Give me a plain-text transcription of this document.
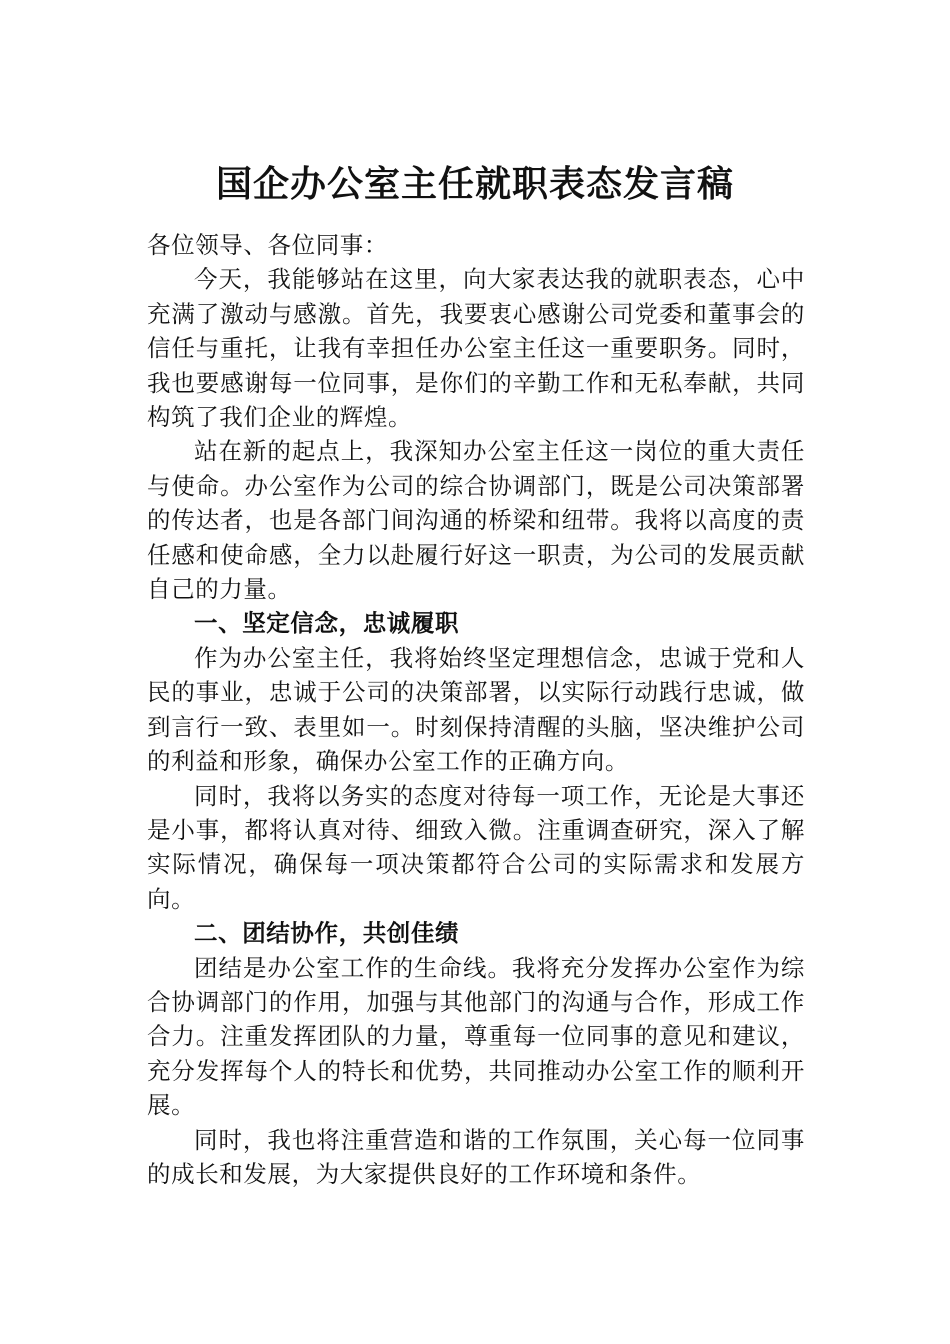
国企办公室主任就职表态发言稿

各位领导、各位同事：

今天，我能够站在这里，向大家表达我的就职表态，心中充满了激动与感激。首先，我要衷心感谢公司党委和董事会的信任与重托，让我有幸担任办公室主任这一重要职务。同时，我也要感谢每一位同事，是你们的辛勤工作和无私奉献，共同构筑了我们企业的辉煌。

站在新的起点上，我深知办公室主任这一岗位的重大责任与使命。办公室作为公司的综合协调部门，既是公司决策部署的传达者，也是各部门间沟通的桥梁和纽带。我将以高度的责任感和使命感，全力以赴履行好这一职责，为公司的发展贡献自己的力量。

一、坚定信念，忠诚履职

作为办公室主任，我将始终坚定理想信念，忠诚于党和人民的事业，忠诚于公司的决策部署，以实际行动践行忠诚，做到言行一致、表里如一。时刻保持清醒的头脑，坚决维护公司的利益和形象，确保办公室工作的正确方向。

同时，我将以务实的态度对待每一项工作，无论是大事还是小事，都将认真对待、细致入微。注重调查研究，深入了解实际情况，确保每一项决策都符合公司的实际需求和发展方向。

二、团结协作，共创佳绩

团结是办公室工作的生命线。我将充分发挥办公室作为综合协调部门的作用，加强与其他部门的沟通与合作，形成工作合力。注重发挥团队的力量，尊重每一位同事的意见和建议，充分发挥每个人的特长和优势，共同推动办公室工作的顺利开展。

同时，我也将注重营造和谐的工作氛围，关心每一位同事的成长和发展，为大家提供良好的工作环境和条件。
